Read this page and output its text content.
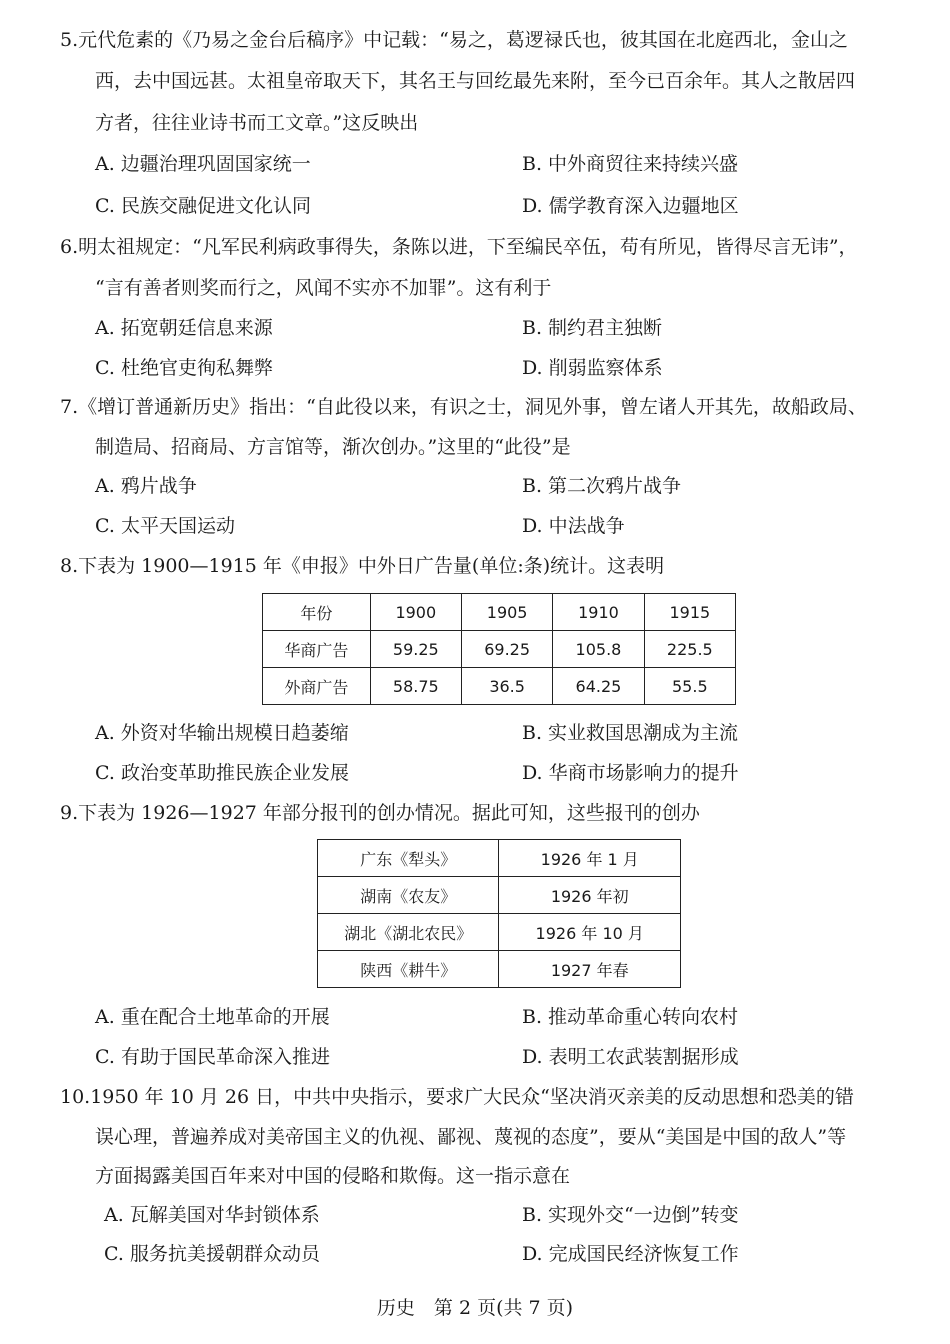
5.元代危素的《乃易之金台后稿序》中记载：“易之，葛逻禄氏也，彼其国在北庭西北，金山之
西，去中国远甚。太祖皇帝取天下，其名王与回纥最先来附，至今已百余年。其人之散居四
方者，往往业诗书而工文章。”这反映出
A. 边疆治理巩固国家统一	B. 中外商贸往来持续兴盛
C. 民族交融促进文化认同	D. 儒学教育深入边疆地区
6.明太祖规定：“凡军民利病政事得失，条陈以进，下至编民卒伍，苟有所见，皆得尽言无讳”，
“言有善者则奖而行之，风闻不实亦不加罪”。这有利于
A. 拓宽朝廷信息来源	B. 制约君主独断
C. 杜绝官吏徇私舞弊	D. 削弱监察体系
7.《增订普通新历史》指出：“自此役以来，有识之士，洞见外事，曾左诸人开其先，故船政局、
制造局、招商局、方言馆等，渐次创办。”这里的“此役”是
A. 鸦片战争	B. 第二次鸦片战争
C. 太平天国运动	D. 中法战争
8.下表为 1900—1915 年《申报》中外日广告量(单位:条)统计。这表明
年份	1900	1905	1910	1915
华商广告	59.25	69.25	105.8	225.5
外商广告	58.75	36.5	64.25	55.5
A. 外资对华输出规模日趋萎缩	B. 实业救国思潮成为主流
C. 政治变革助推民族企业发展	D. 华商市场影响力的提升
9.下表为 1926—1927 年部分报刊的创办情况。据此可知，这些报刊的创办
广东《犁头》	1926 年 1 月
湖南《农友》	1926 年初
湖北《湖北农民》	1926 年 10 月
陕西《耕牛》	1927 年春
A. 重在配合土地革命的开展	B. 推动革命重心转向农村
C. 有助于国民革命深入推进	D. 表明工农武装割据形成
10.1950 年 10 月 26 日，中共中央指示，要求广大民众“坚决消灭亲美的反动思想和恐美的错
误心理，普遍养成对美帝国主义的仇视、鄙视、蔑视的态度”，要从“美国是中国的敌人”等
方面揭露美国百年来对中国的侵略和欺侮。这一指示意在
A. 瓦解美国对华封锁体系	B. 实现外交“一边倒”转变
C. 服务抗美援朝群众动员	D. 完成国民经济恢复工作
历史　第 2 页(共 7 页)
